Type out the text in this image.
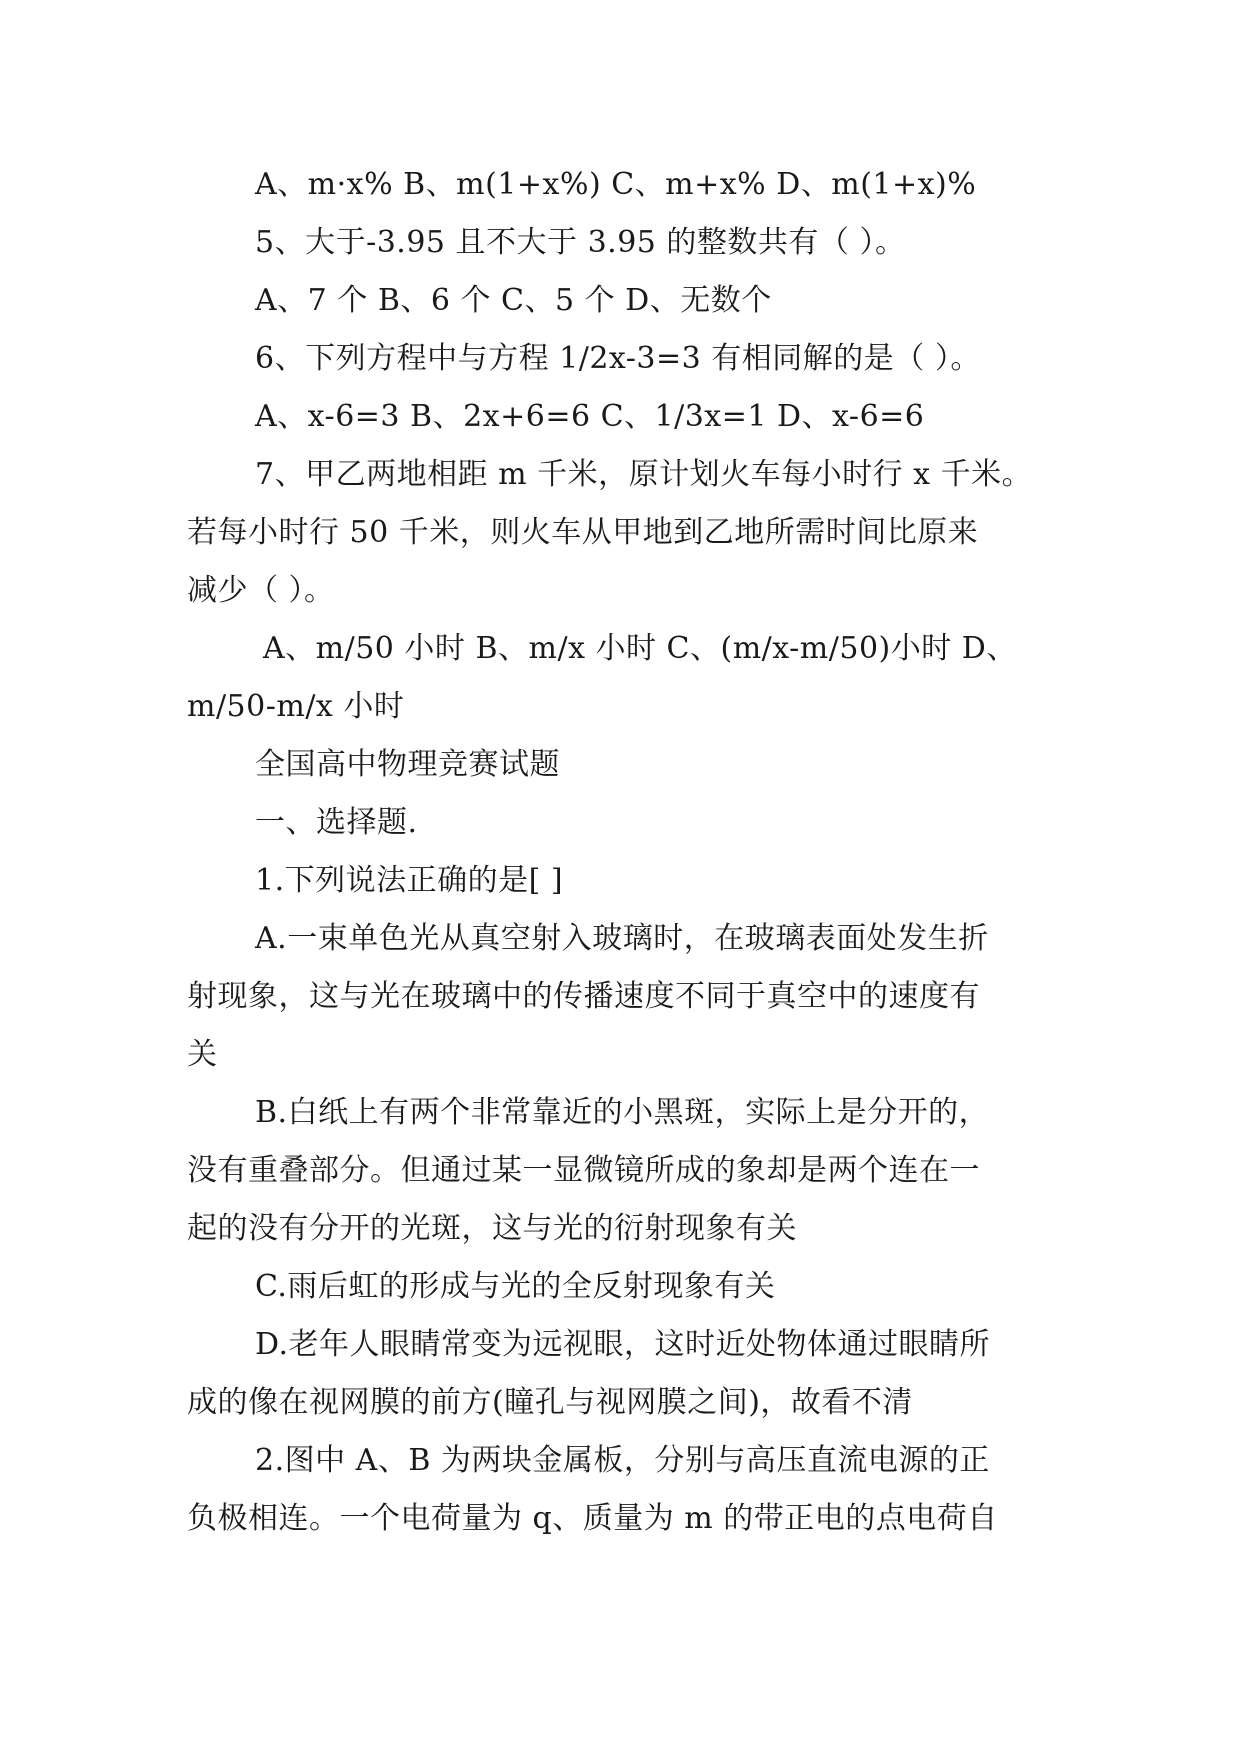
A、m·x% B、m(1+x%) C、m+x% D、m(1+x)%
5、大于-3.95 且不大于 3.95 的整数共有（ ）。
A、7 个 B、6 个 C、5 个 D、无数个
6、下列方程中与方程 1/2x-3=3 有相同解的是（ ）。
A、x-6=3 B、2x+6=6 C、1/3x=1 D、x-6=6
7、甲乙两地相距 m 千米，原计划火车每小时行 x 千米。
若每小时行 50 千米，则火车从甲地到乙地所需时间比原来
减少（ ）。
A、m/50 小时 B、m/x 小时 C、(m/x-m/50)小时 D、
m/50-m/x 小时
全国高中物理竞赛试题
一、选择题.
1.下列说法正确的是[ ]
A.一束单色光从真空射入玻璃时，在玻璃表面处发生折
射现象，这与光在玻璃中的传播速度不同于真空中的速度有
关
B.白纸上有两个非常靠近的小黑斑，实际上是分开的，
没有重叠部分。但通过某一显微镜所成的象却是两个连在一
起的没有分开的光斑，这与光的衍射现象有关
C.雨后虹的形成与光的全反射现象有关
D.老年人眼睛常变为远视眼，这时近处物体通过眼睛所
成的像在视网膜的前方(瞳孔与视网膜之间)，故看不清
2.图中 A、B 为两块金属板，分别与高压直流电源的正
负极相连。一个电荷量为 q、质量为 m 的带正电的点电荷自
